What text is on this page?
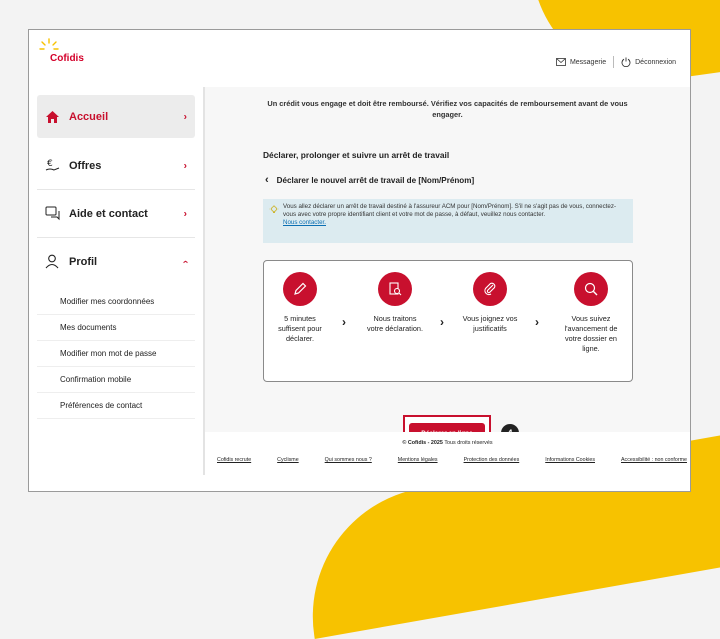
Cofidis	Messagerie	Déconnexion
Accueil	›
€ Offres	›
Aide et contact	›
Profil	›
Modifier mes coordonnées
Mes documents
Modifier mon mot de passe
Confirmation mobile
Préférences de contact
Un crédit vous engage et doit être remboursé. Vérifiez vos capacités de remboursement avant de vous engager.
Déclarer, prolonger et suivre un arrêt de travail
‹ Déclarer le nouvel arrêt de travail de [Nom/Prénom]
Vous allez déclarer un arrêt de travail destiné à l'assureur ACM pour [Nom/Prénom]. S'il ne s'agit pas de vous, connectez-vous avec votre propre identifiant client et votre mot de passe, à défaut, veuillez nous contacter.
Nous contacter.
5 minutes suffisent pour déclarer.
›	Nous traitons votre déclaration. ›	Vous joignez vos justificatifs	›	Vous suivez l'avancement de votre dossier en ligne.
© Cofidis - 2025 Tous droits réservés
Cofidis recrute	Cyclisme	Qui sommes nous ?	Mentions légales	Protection des données	Informations Cookies	Accessibilité : non conforme
